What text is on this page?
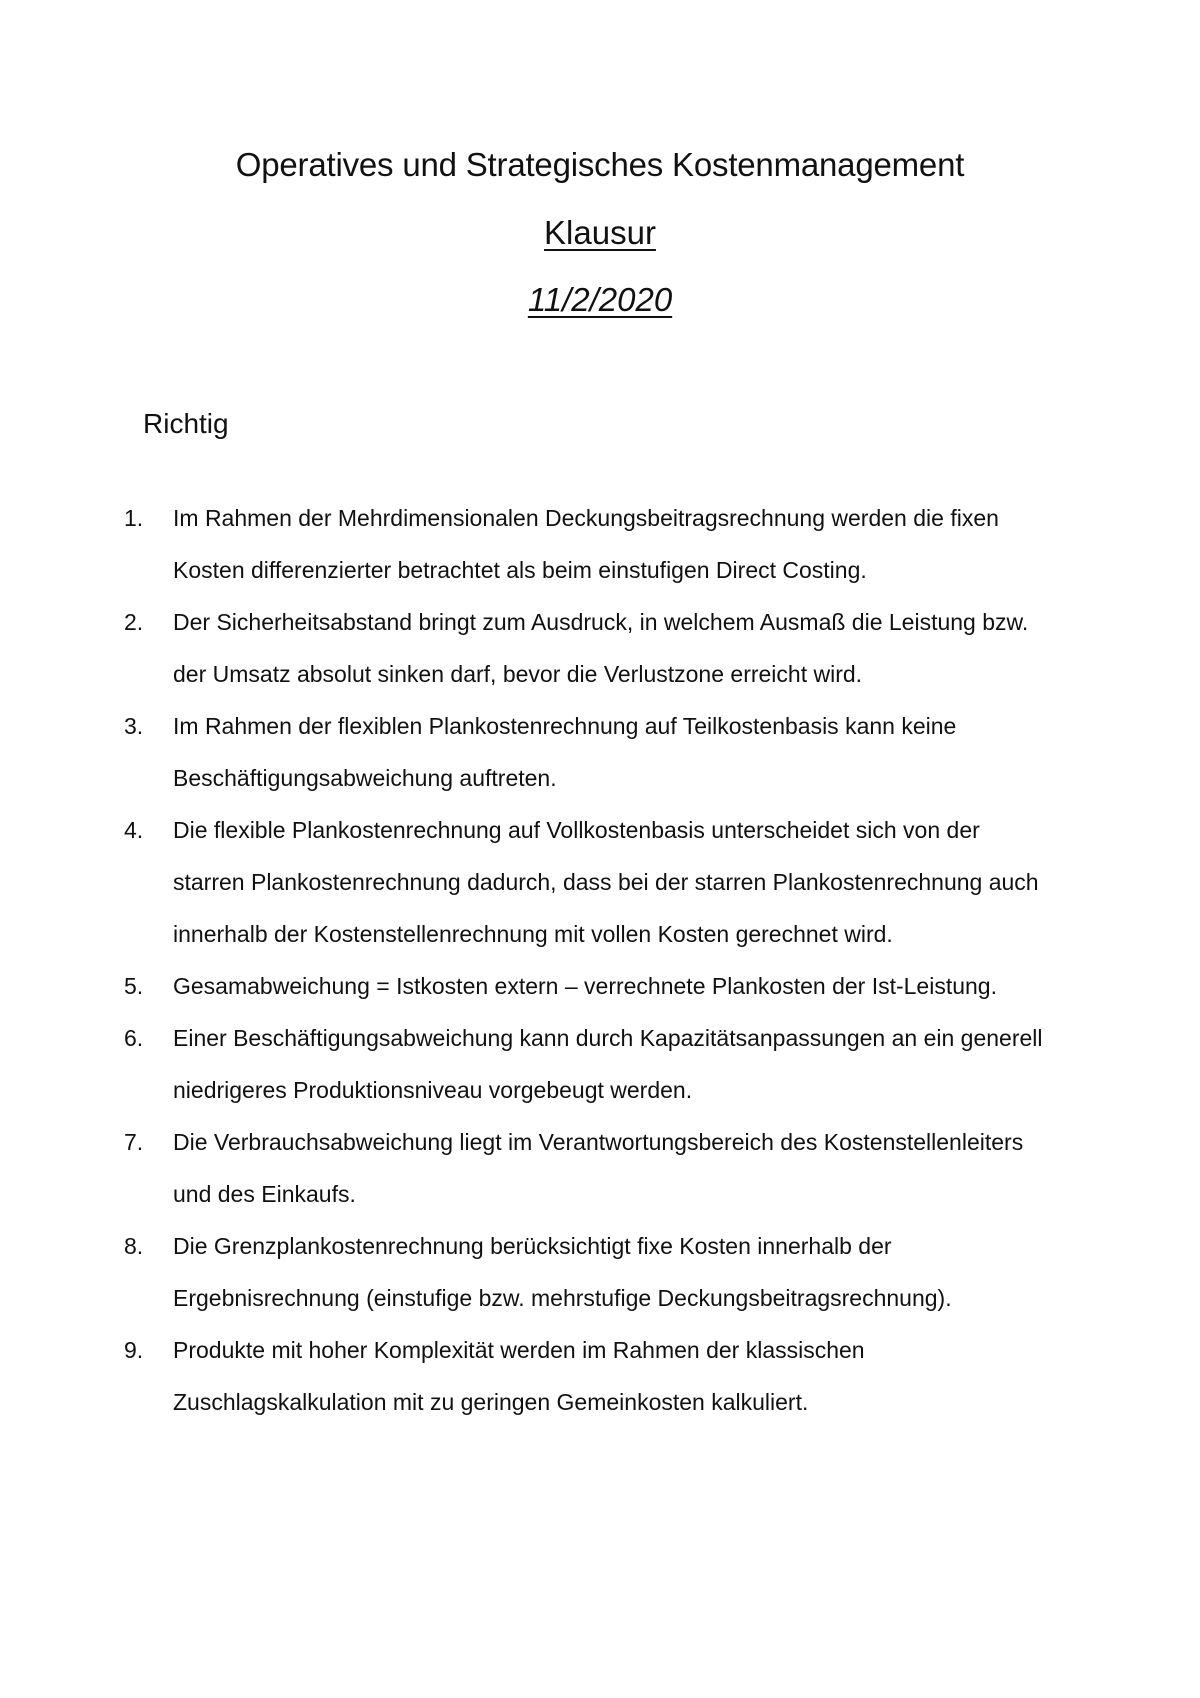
Operatives und Strategisches Kostenmanagement
Klausur
11/2/2020
Richtig
1.	Im Rahmen der Mehrdimensionalen Deckungsbeitragsrechnung werden die fixen Kosten differenzierter betrachtet als beim einstufigen Direct Costing.
2.	Der Sicherheitsabstand bringt zum Ausdruck, in welchem Ausmaß die Leistung bzw. der Umsatz absolut sinken darf, bevor die Verlustzone erreicht wird.
3.	Im Rahmen der flexiblen Plankostenrechnung auf Teilkostenbasis kann keine Beschäftigungsabweichung auftreten.
4.	Die flexible Plankostenrechnung auf Vollkostenbasis unterscheidet sich von der starren Plankostenrechnung dadurch, dass bei der starren Plankostenrechnung auch innerhalb der Kostenstellenrechnung mit vollen Kosten gerechnet wird.
5.	Gesamabweichung = Istkosten extern – verrechnete Plankosten der Ist-Leistung.
6.	Einer Beschäftigungsabweichung kann durch Kapazitätsanpassungen an ein generell niedrigeres Produktionsniveau vorgebeugt werden.
7.	Die Verbrauchsabweichung liegt im Verantwortungsbereich des Kostenstellenleiters und des Einkaufs.
8.	Die Grenzplankostenrechnung berücksichtigt fixe Kosten innerhalb der Ergebnisrechnung (einstufige bzw. mehrstufige Deckungsbeitragsrechnung).
9.	Produkte mit hoher Komplexität werden im Rahmen der klassischen Zuschlagskalkulation mit zu geringen Gemeinkosten kalkuliert.
